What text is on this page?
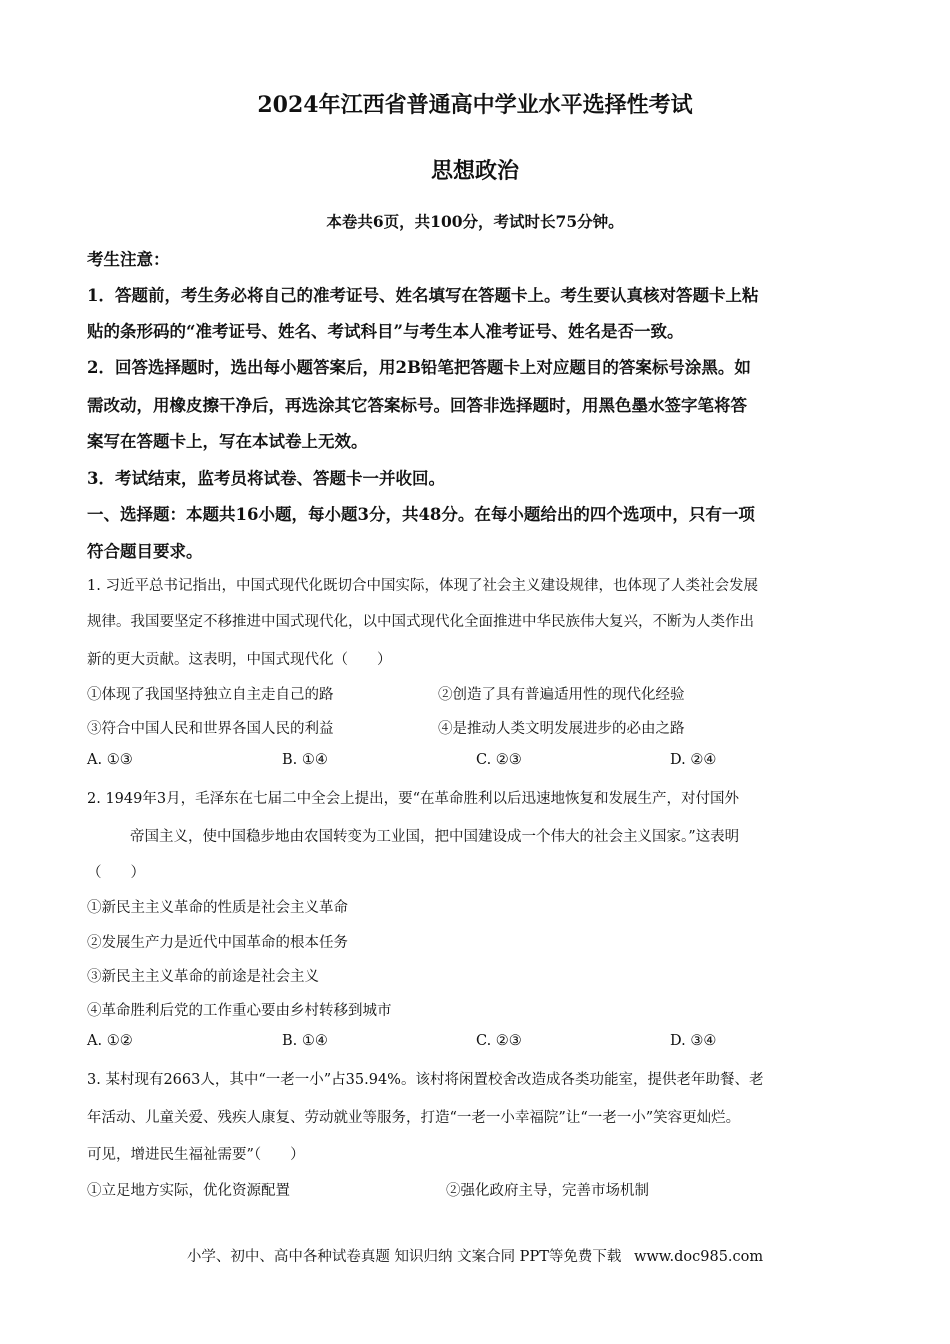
2024年江西省普通高中学业水平选择性考试
思想政治
本卷共6页，共100分，考试时长75分钟。
考生注意：
1．答题前，考生务必将自己的准考证号、姓名填写在答题卡上。考生要认真核对答题卡上粘
贴的条形码的“准考证号、姓名、考试科目”与考生本人准考证号、姓名是否一致。
2．回答选择题时，选出每小题答案后，用2B铅笔把答题卡上对应题目的答案标号涂黑。如
需改动，用橡皮擦干净后，再选涂其它答案标号。回答非选择题时，用黑色墨水签字笔将答
案写在答题卡上，写在本试卷上无效。
3．考试结束，监考员将试卷、答题卡一并收回。
一、选择题：本题共16小题，每小题3分，共48分。在每小题给出的四个选项中，只有一项
符合题目要求。
1. 习近平总书记指出，中国式现代化既切合中国实际，体现了社会主义建设规律，也体现了人类社会发展
规律。我国要坚定不移推进中国式现代化，以中国式现代化全面推进中华民族伟大复兴，不断为人类作出
新的更大贡献。这表明，中国式现代化（　　）
①体现了我国坚持独立自主走自己的路	②创造了具有普遍适用性的现代化经验
③符合中国人民和世界各国人民的利益	④是推动人类文明发展进步的必由之路
A. ①③	B. ①④	C. ②③	D. ②④
2. 1949年3月，毛泽东在七届二中全会上提出，要“在革命胜利以后迅速地恢复和发展生产，对付国外
帝国主义，使中国稳步地由农国转变为工业国，把中国建设成一个伟大的社会主义国家。”这表明
（　　）
①新民主主义革命的性质是社会主义革命
②发展生产力是近代中国革命的根本任务
③新民主主义革命的前途是社会主义
④革命胜利后党的工作重心要由乡村转移到城市
A. ①②	B. ①④	C. ②③	D. ③④
3. 某村现有2663人，其中“一老一小”占35.94%。该村将闲置校舍改造成各类功能室，提供老年助餐、老
年活动、儿童关爱、残疾人康复、劳动就业等服务，打造“一老一小幸福院”让“一老一小”笑容更灿烂。
可见，增进民生福祉需要”（　　）
①立足地方实际，优化资源配置	②强化政府主导，完善市场机制
小学、初中、高中各种试卷真题 知识归纳 文案合同 PPT等免费下载 www.doc985.com
